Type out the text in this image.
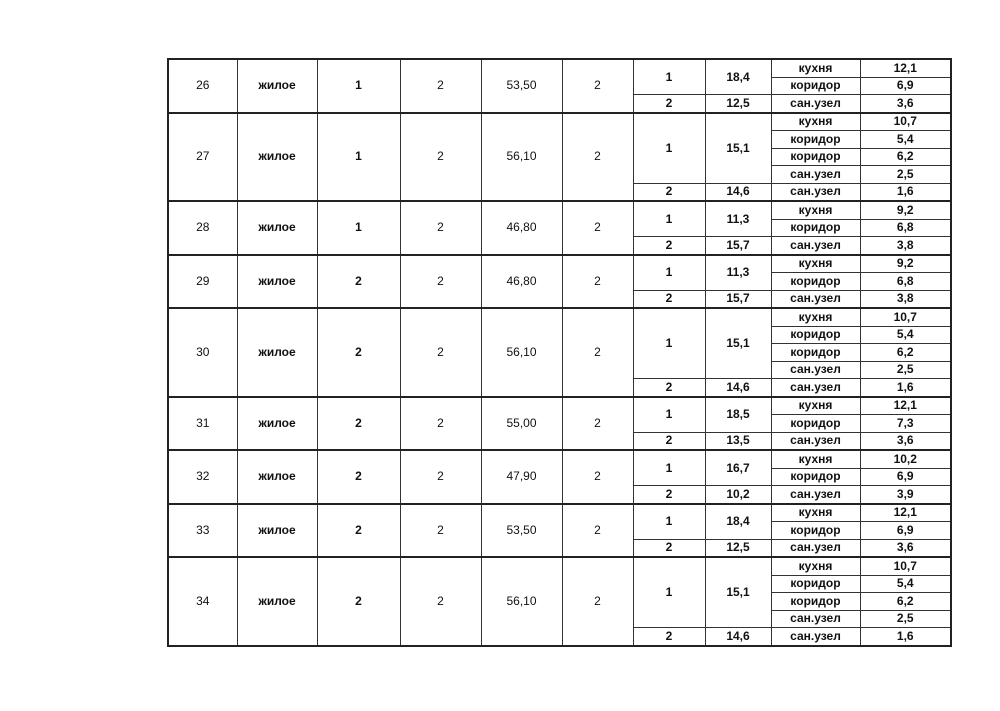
26	жилое	1	2	53,50	2	1	18,4	кухня	12,1
								коридор	6,9
						2	12,5	сан.узел	3,6
27	жилое	1	2	56,10	2	1	15,1	кухня	10,7
								коридор	5,4
								коридор	6,2
								сан.узел	2,5
						2	14,6	сан.узел	1,6
28	жилое	1	2	46,80	2	1	11,3	кухня	9,2
								коридор	6,8
						2	15,7	сан.узел	3,8
29	жилое	2	2	46,80	2	1	11,3	кухня	9,2
								коридор	6,8
						2	15,7	сан.узел	3,8
30	жилое	2	2	56,10	2	1	15,1	кухня	10,7
								коридор	5,4
								коридор	6,2
								сан.узел	2,5
						2	14,6	сан.узел	1,6
31	жилое	2	2	55,00	2	1	18,5	кухня	12,1
								коридор	7,3
						2	13,5	сан.узел	3,6
32	жилое	2	2	47,90	2	1	16,7	кухня	10,2
								коридор	6,9
						2	10,2	сан.узел	3,9
33	жилое	2	2	53,50	2	1	18,4	кухня	12,1
								коридор	6,9
						2	12,5	сан.узел	3,6
34	жилое	2	2	56,10	2	1	15,1	кухня	10,7
								коридор	5,4
								коридор	6,2
								сан.узел	2,5
						2	14,6	сан.узел	1,6
